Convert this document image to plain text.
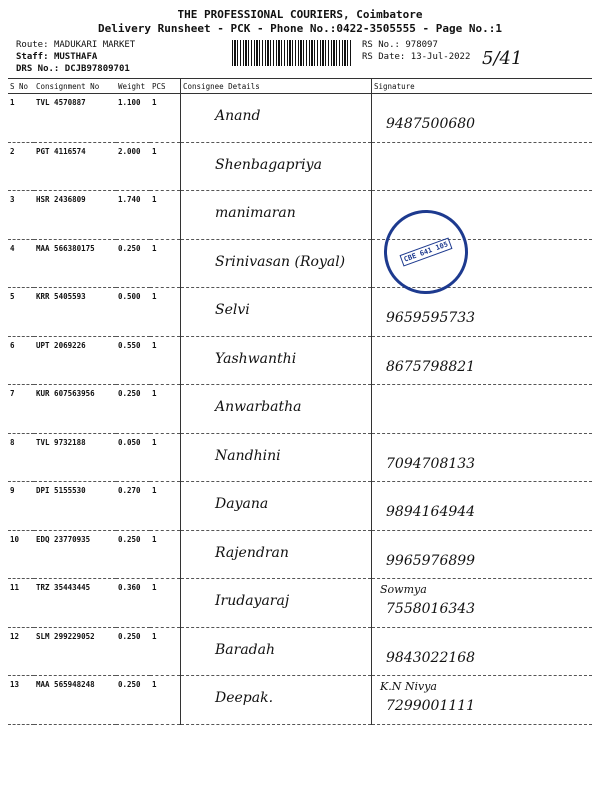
THE PROFESSIONAL COURIERS, Coimbatore
Delivery Runsheet - PCK - Phone No.:0422-3505555 - Page No.:1
Route: MADUKARI MARKET
Staff: MUSTHAFA
DRS No.: DCJB97809701
RS No.: 978097
RS Date: 13-Jul-2022 5/41
S No	Consignment No	Weight	PCS	Consignee Details	Signature
1	TVL 4570887	1.100	1	Anand	9487500680

2	PGT 4116574	2.000	1	Shenbagapriya	

3	HSR 2436809	1.740	1	manimaran	

4	MAA 566380175	0.250	1	Srinivasan (Royal)	

5	KRR 5405593	0.500	1	Selvi	9659595733

6	UPT 2069226	0.550	1	Yashwanthi	8675798821

7	KUR 607563956	0.250	1	Anwarbatha	

8	TVL 9732188	0.050	1	Nandhini	7094708133

9	DPI 5155530	0.270	1	Dayana	9894164944

10	EDQ 23770935	0.250	1	Rajendran	9965976899

11	TRZ 35443445	0.360	1	Irudayaraj	Sowmya
7558016343

12	SLM 299229052	0.250	1	Baradah	9843022168

13	MAA 565948248	0.250	1	Deepak.	K.N Nivya
7299001111
CBE 641 105
